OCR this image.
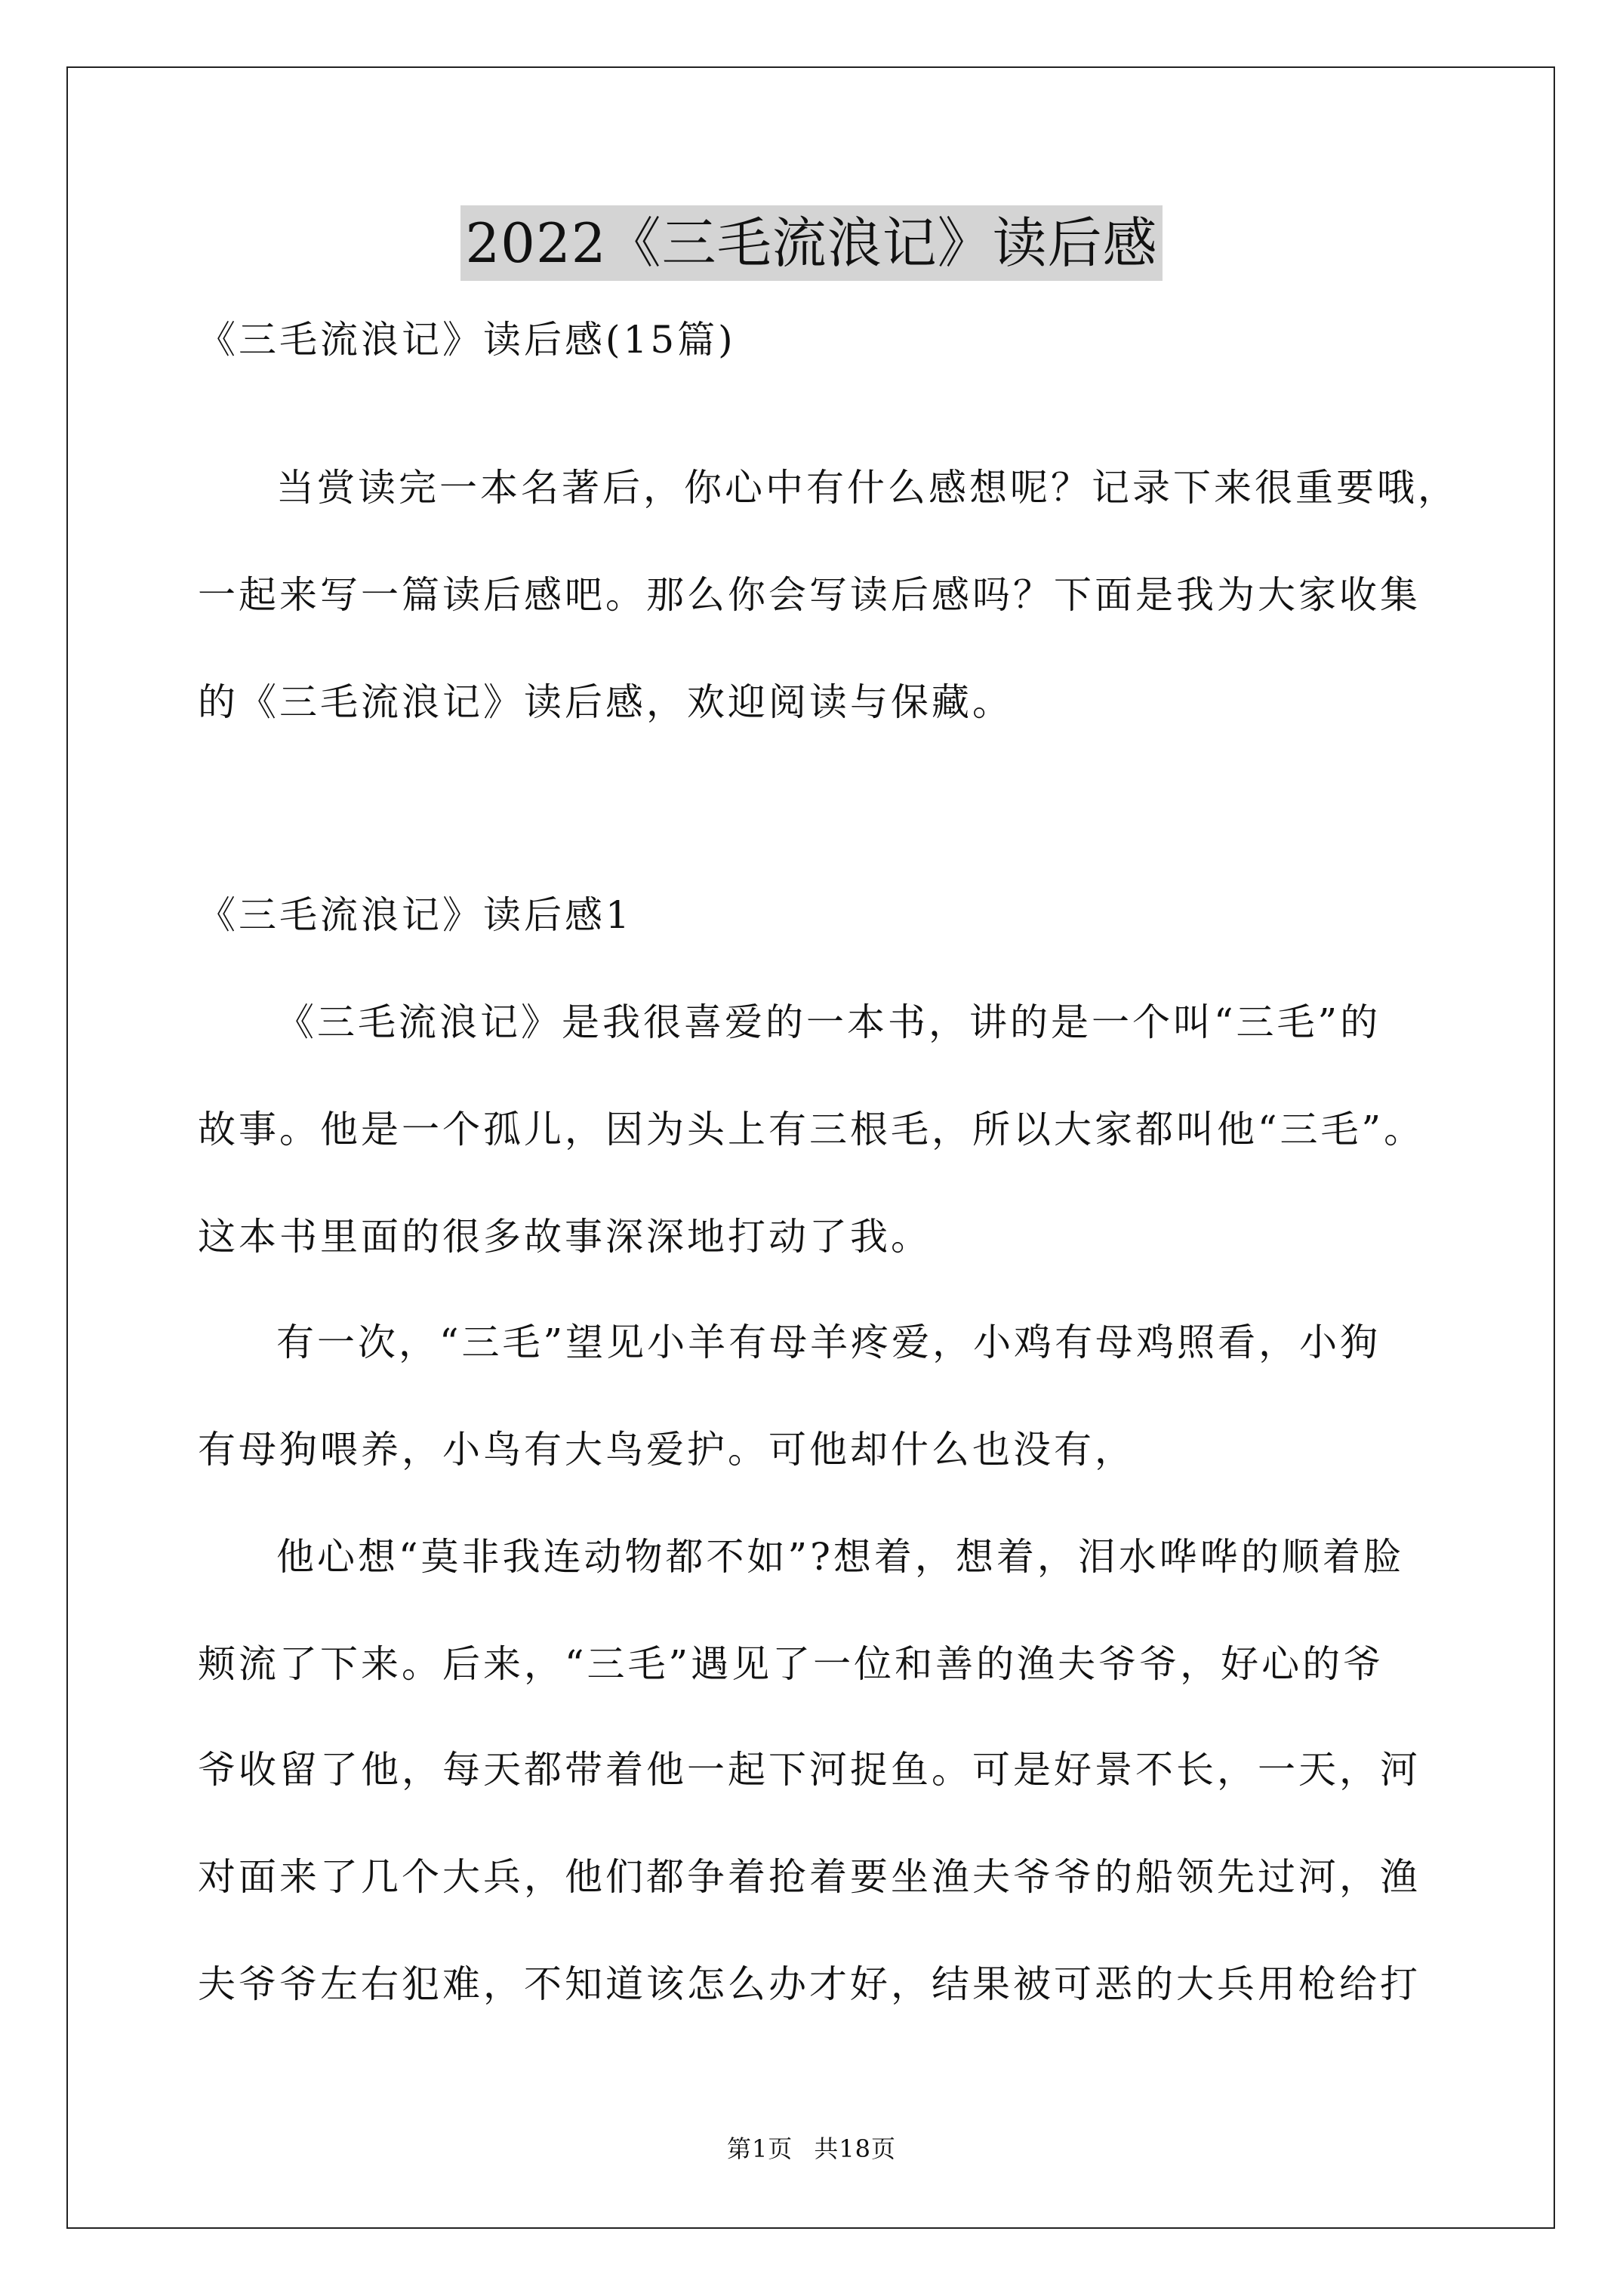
2022《三毛流浪记》读后感
《三毛流浪记》读后感(15篇)
当赏读完一本名著后，你心中有什么感想呢？记录下来很重要哦，
一起来写一篇读后感吧。那么你会写读后感吗？下面是我为大家收集
的《三毛流浪记》读后感，欢迎阅读与保藏。
《三毛流浪记》读后感1
《三毛流浪记》是我很喜爱的一本书，讲的是一个叫“三毛”的
故事。他是一个孤儿，因为头上有三根毛，所以大家都叫他“三毛”。
这本书里面的很多故事深深地打动了我。
有一次，“三毛”望见小羊有母羊疼爱，小鸡有母鸡照看，小狗
有母狗喂养，小鸟有大鸟爱护。可他却什么也没有，
他心想“莫非我连动物都不如”?想着，想着，泪水哗哗的顺着脸
颊流了下来。后来，“三毛”遇见了一位和善的渔夫爷爷，好心的爷
爷收留了他，每天都带着他一起下河捉鱼。可是好景不长，一天，河
对面来了几个大兵，他们都争着抢着要坐渔夫爷爷的船领先过河，渔
夫爷爷左右犯难，不知道该怎么办才好，结果被可恶的大兵用枪给打
第1页 共18页
